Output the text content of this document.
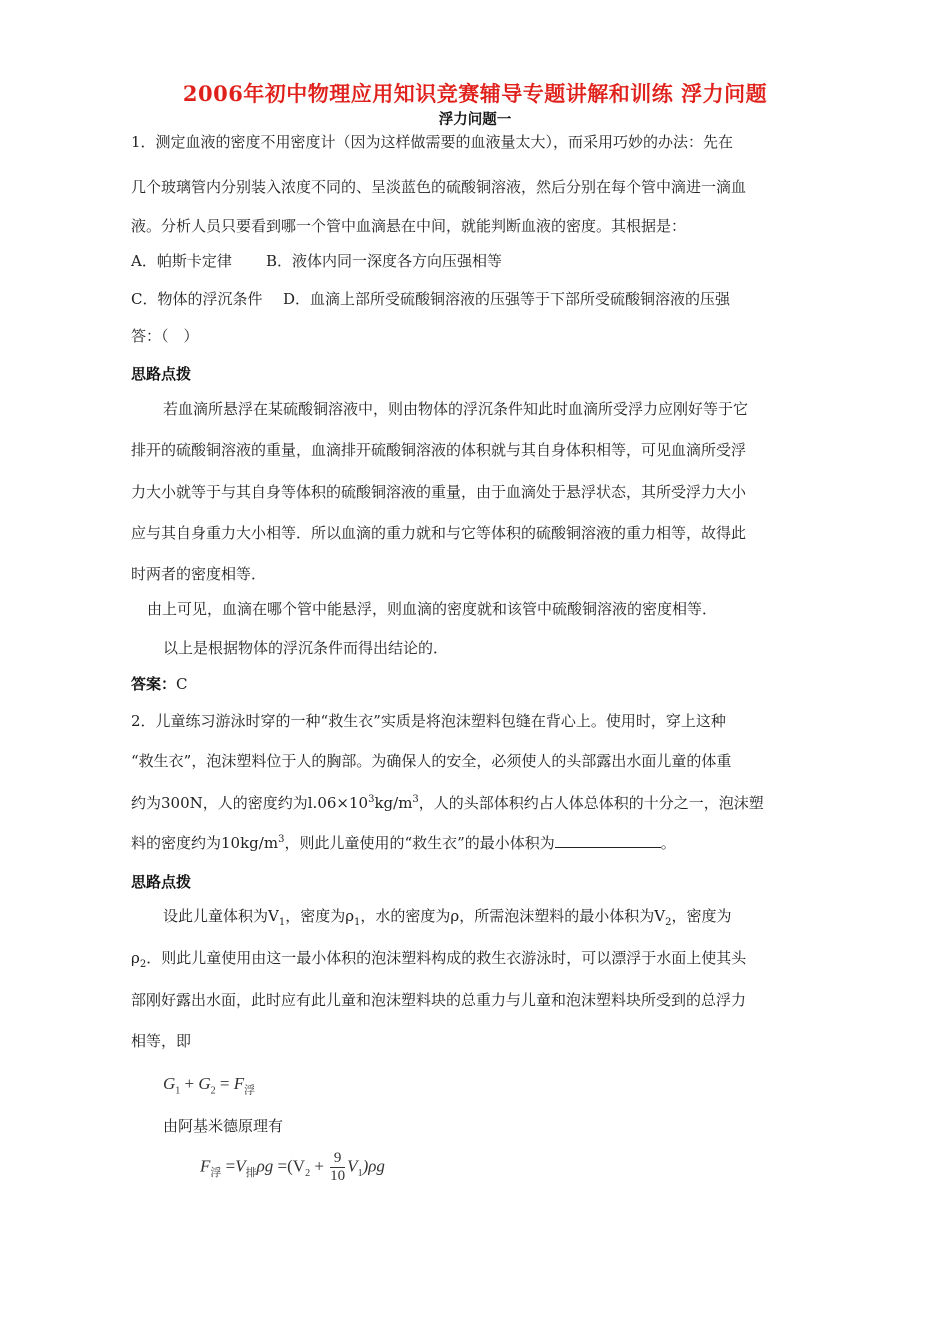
2006年初中物理应用知识竞赛辅导专题讲解和训练 浮力问题
浮力问题一
1．测定血液的密度不用密度计（因为这样做需要的血液量太大），而采用巧妙的办法：先在
几个玻璃管内分别装入浓度不同的、呈淡蓝色的硫酸铜溶液，然后分别在每个管中滴进一滴血
液。分析人员只要看到哪一个管中血滴悬在中间，就能判断血液的密度。其根据是：
A．帕斯卡定律 B．液体内同一深度各方向压强相等
C．物体的浮沉条件 D．血滴上部所受硫酸铜溶液的压强等于下部所受硫酸铜溶液的压强
答：（　）
思路点拨
若血滴所悬浮在某硫酸铜溶液中，则由物体的浮沉条件知此时血滴所受浮力应刚好等于它
排开的硫酸铜溶液的重量，血滴排开硫酸铜溶液的体积就与其自身体积相等，可见血滴所受浮
力大小就等于与其自身等体积的硫酸铜溶液的重量，由于血滴处于悬浮状态，其所受浮力大小
应与其自身重力大小相等．所以血滴的重力就和与它等体积的硫酸铜溶液的重力相等，故得此
时两者的密度相等．
由上可见，血滴在哪个管中能悬浮，则血滴的密度就和该管中硫酸铜溶液的密度相等．
以上是根据物体的浮沉条件而得出结论的．
答案：C
2．儿童练习游泳时穿的一种“救生衣”实质是将泡沫塑料包缝在背心上。使用时，穿上这种
“救生衣”，泡沫塑料位于人的胸部。为确保人的安全，必须使人的头部露出水面儿童的体重
约为300N，人的密度约为$l.06\times 10^3kg/m^3$，人的头部体积约占人体总体积的十分之一，泡沫塑
料的密度约为$10kg/m^3$，则此儿童使用的“救生衣”的最小体积为	。
思路点拨
设此儿童体积为$V_1$，密度为$\rho_1$，水的密度为ρ，所需泡沫塑料的最小体积为$V_2$，密度为
$\rho_2$．则此儿童使用由这一最小体积的泡沫塑料构成的救生衣游泳时，可以漂浮于水面上使其头
部刚好露出水面，此时应有此儿童和泡沫塑料块的总重力与儿童和泡沫塑料块所受到的总浮力
相等，即
$G_1 + G_2 = F_浮$
由阿基米德原理有
$F_浮 =V_排\rho g =(V_2 + \frac{9}{10} V_1)\rho g$
